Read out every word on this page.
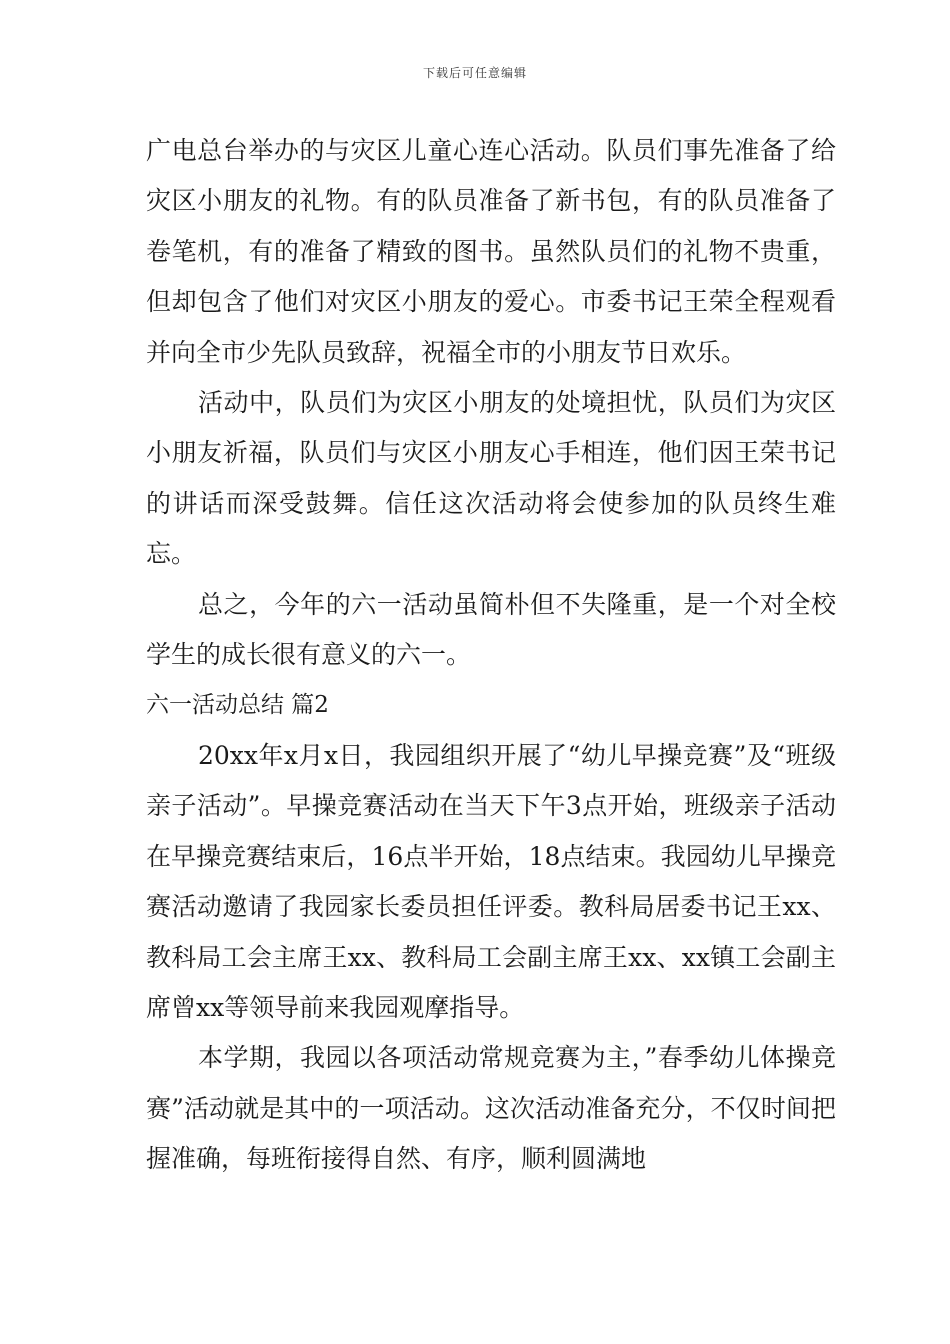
下载后可任意编辑

广电总台举办的与灾区儿童心连心活动。队员们事先准备了给灾区小朋友的礼物。有的队员准备了新书包，有的队员准备了卷笔机，有的准备了精致的图书。虽然队员们的礼物不贵重，但却包含了他们对灾区小朋友的爱心。市委书记王荣全程观看并向全市少先队员致辞，祝福全市的小朋友节日欢乐。

活动中，队员们为灾区小朋友的处境担忧，队员们为灾区小朋友祈福，队员们与灾区小朋友心手相连，他们因王荣书记的讲话而深受鼓舞。信任这次活动将会使参加的队员终生难忘。

总之，今年的六一活动虽简朴但不失隆重，是一个对全校学生的成长很有意义的六一。

六一活动总结 篇2

20xx年x月x日，我园组织开展了“幼儿早操竞赛”及“班级亲子活动”。早操竞赛活动在当天下午3点开始，班级亲子活动在早操竞赛结束后，16点半开始，18点结束。我园幼儿早操竞赛活动邀请了我园家长委员担任评委。教科局居委书记王xx、教科局工会主席王xx、教科局工会副主席王xx、xx镇工会副主席曾xx等领导前来我园观摩指导。

本学期，我园以各项活动常规竞赛为主，”春季幼儿体操竞赛”活动就是其中的一项活动。这次活动准备充分，不仅时间把握准确，每班衔接得自然、有序，顺利圆满地
